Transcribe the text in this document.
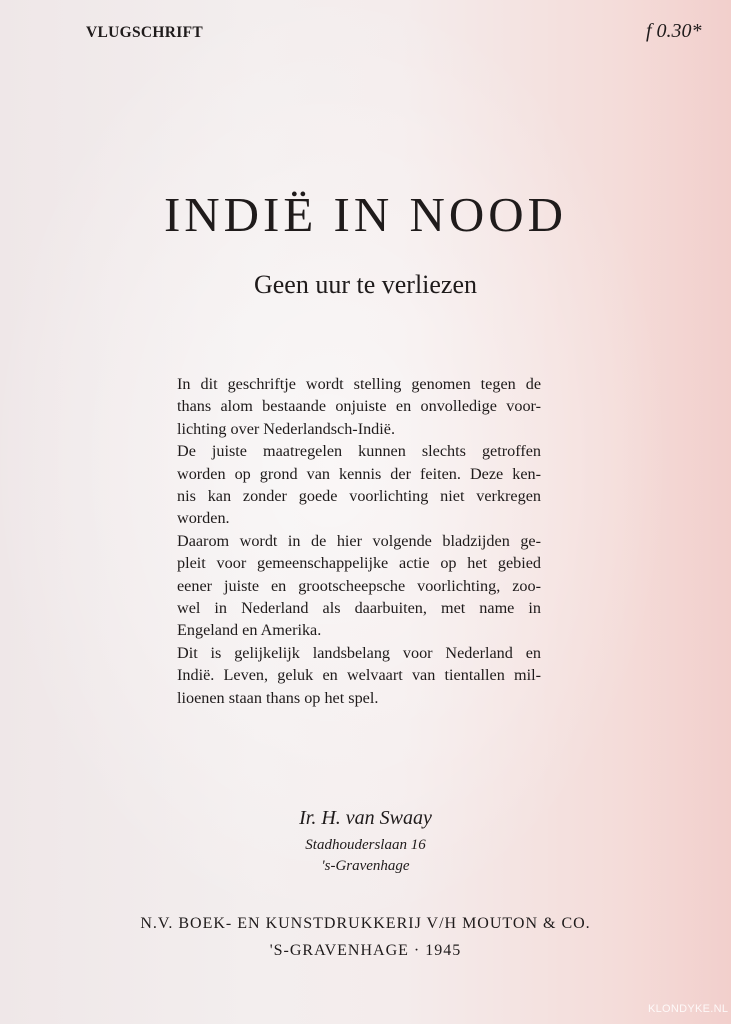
VLUGSCHRIFT	f 0.30*
INDIË IN NOOD
Geen uur te verliezen
In dit geschriftje wordt stelling genomen tegen de
thans alom bestaande onjuiste en onvolledige voor-
lichting over Nederlandsch-Indië.
De juiste maatregelen kunnen slechts getroffen
worden op grond van kennis der feiten. Deze ken-
nis kan zonder goede voorlichting niet verkregen
worden.
Daarom wordt in de hier volgende bladzijden ge-
pleit voor gemeenschappelijke actie op het gebied
eener juiste en grootscheepsche voorlichting, zoo-
wel in Nederland als daarbuiten, met name in
Engeland en Amerika.
Dit is gelijkelijk landsbelang voor Nederland en
Indië. Leven, geluk en welvaart van tientallen mil-
lioenen staan thans op het spel.
Ir. H. van Swaay
Stadhouderslaan 16
's-Gravenhage
N.V. BOEK- EN KUNSTDRUKKERIJ V/H MOUTON & CO.
'S-GRAVENHAGE · 1945
KLONDYKE.NL
